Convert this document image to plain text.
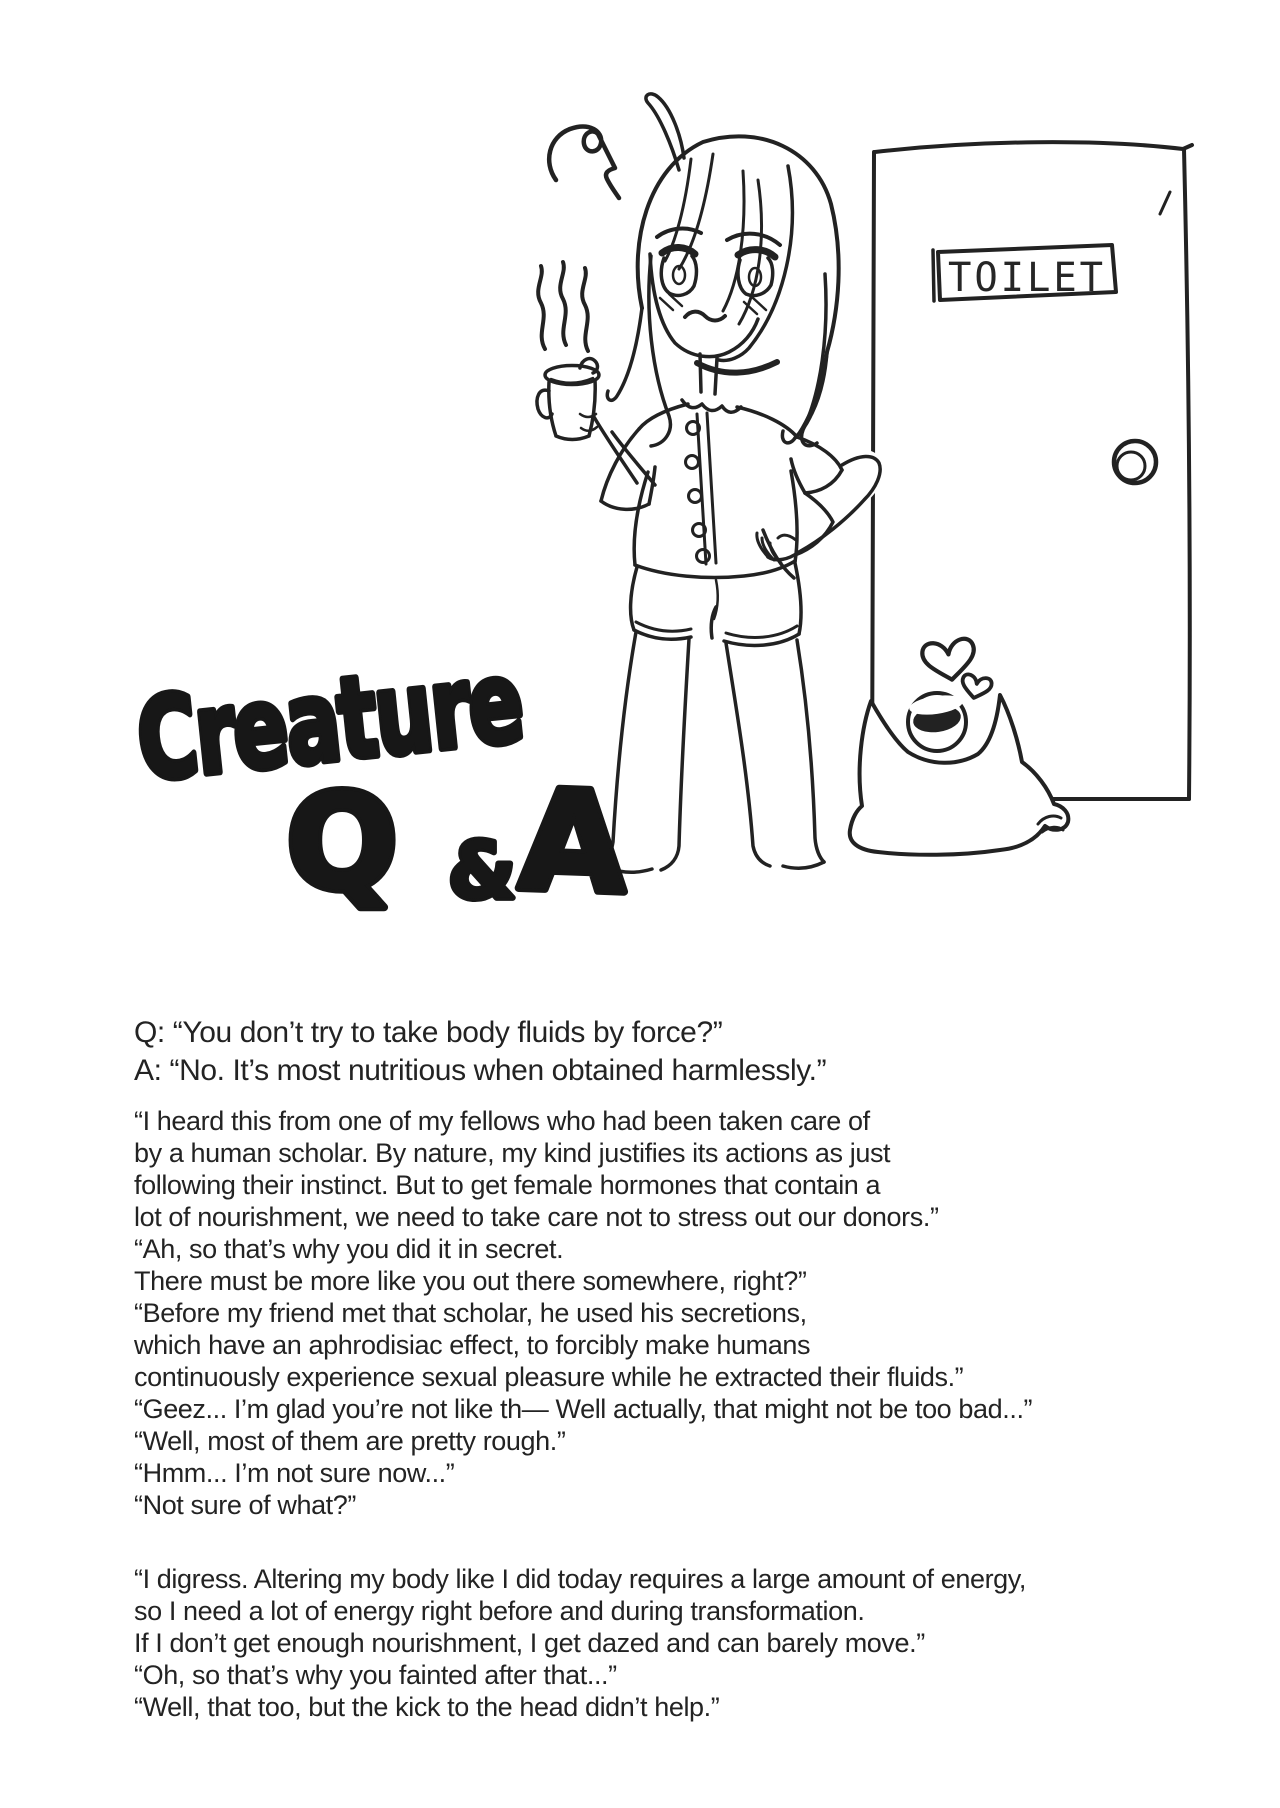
TOILET
Creature
Q & A

Q: “You don’t try to take body fluids by force?”
A: “No. It’s most nutritious when obtained harmlessly.”

“I heard this from one of my fellows who had been taken care of
by a human scholar. By nature, my kind justifies its actions as just
following their instinct. But to get female hormones that contain a
lot of nourishment, we need to take care not to stress out our donors.”
“Ah, so that’s why you did it in secret.
There must be more like you out there somewhere, right?”
“Before my friend met that scholar, he used his secretions,
which have an aphrodisiac effect, to forcibly make humans
continuously experience sexual pleasure while he extracted their fluids.”
“Geez... I’m glad you’re not like th— Well actually, that might not be too bad...”
“Well, most of them are pretty rough.”
“Hmm... I’m not sure now...”
“Not sure of what?”

“I digress. Altering my body like I did today requires a large amount of energy,
so I need a lot of energy right before and during transformation.
If I don’t get enough nourishment, I get dazed and can barely move.”
“Oh, so that’s why you fainted after that...”
“Well, that too, but the kick to the head didn’t help.”
